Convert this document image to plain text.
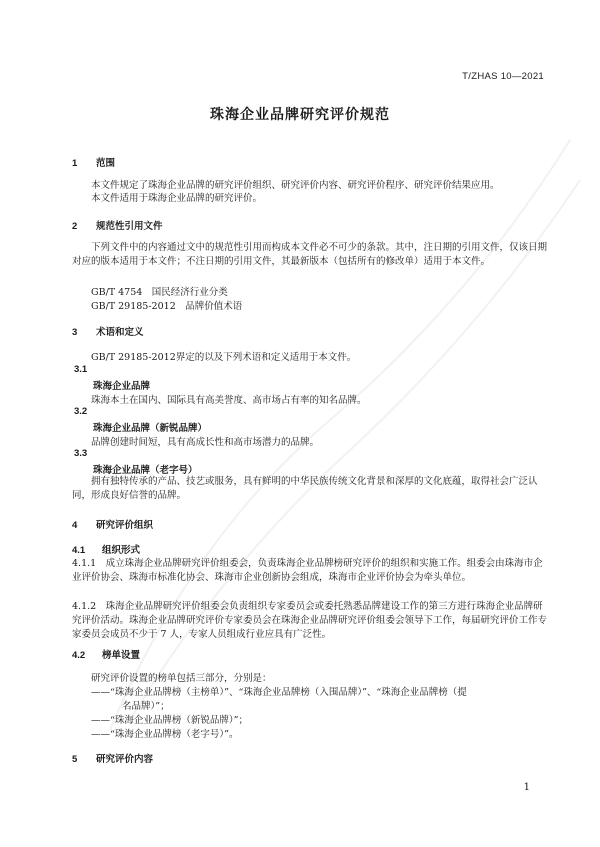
T/ZHAS 10—2021
珠海企业品牌研究评价规范
1 范围
本文件规定了珠海企业品牌的研究评价组织、研究评价内容、研究评价程序、研究评价结果应用。
本文件适用于珠海企业品牌的研究评价。
2 规范性引用文件
下列文件中的内容通过文中的规范性引用而构成本文件必不可少的条款。其中，注日期的引用文件，仅该日期对应的版本适用于本文件；不注日期的引用文件，其最新版本（包括所有的修改单）适用于本文件。
GB/T 4754　国民经济行业分类
GB/T 29185-2012　品牌价值术语
3 术语和定义
GB/T 29185-2012界定的以及下列术语和定义适用于本文件。
3.1
珠海企业品牌
珠海本土在国内、国际具有高美誉度、高市场占有率的知名品牌。
3.2
珠海企业品牌（新锐品牌）
品牌创建时间短，具有高成长性和高市场潜力的品牌。
3.3
珠海企业品牌（老字号）
拥有独特传承的产品、技艺或服务，具有鲜明的中华民族传统文化背景和深厚的文化底蕴，取得社会广泛认同，形成良好信誉的品牌。
4 研究评价组织
4.1 组织形式
4.1.1　成立珠海企业品牌研究评价组委会，负责珠海企业品牌榜研究评价的组织和实施工作。组委会由珠海市企业评价协会、珠海市标准化协会、珠海市企业创新协会组成，珠海市企业评价协会为牵头单位。
4.1.2　珠海企业品牌研究评价组委会负责组织专家委员会或委托熟悉品牌建设工作的第三方进行珠海企业品牌研究评价活动。珠海企业品牌研究评价专家委员会在珠海企业品牌研究评价组委会领导下工作，每届研究评价工作专家委员会成员不少于 7 人，专家人员组成行业应具有广泛性。
4.2 榜单设置
研究评价设置的榜单包括三部分，分别是：
——“珠海企业品牌榜（主榜单）”、“珠海企业品牌榜（入围品牌）”、“珠海企业品牌榜（提
名品牌）”；
——“珠海企业品牌榜（新锐品牌）”；
——“珠海企业品牌榜（老字号）”。
5 研究评价内容
1
